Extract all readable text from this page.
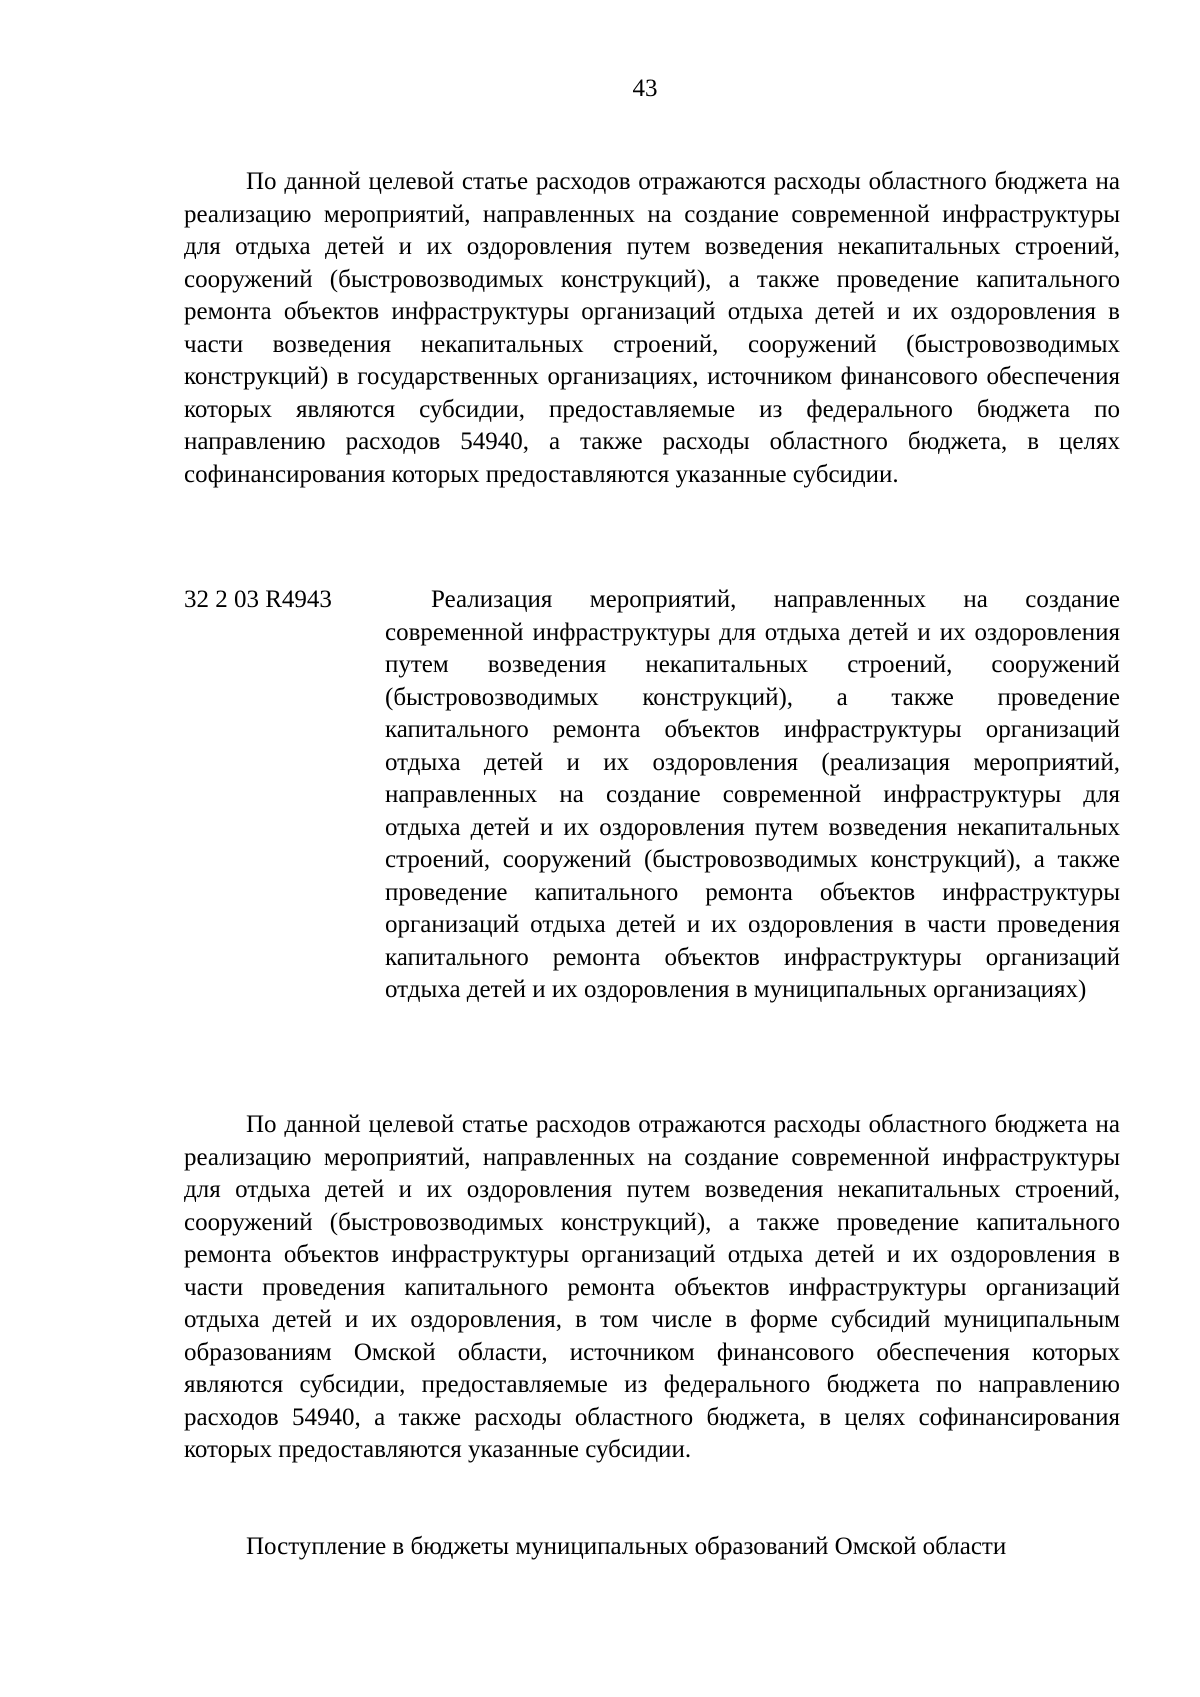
43

По данной целевой статье расходов отражаются расходы областного бюджета на реализацию мероприятий, направленных на создание современной инфраструктуры для отдыха детей и их оздоровления путем возведения некапитальных строений, сооружений (быстровозводимых конструкций), а также проведение капитального ремонта объектов инфраструктуры организаций отдыха детей и их оздоровления в части возведения некапитальных строений, сооружений (быстровозводимых конструкций) в государственных организациях, источником финансового обеспечения которых являются субсидии, предоставляемые из федерального бюджета по направлению расходов 54940, а также расходы областного бюджета, в целях софинансирования которых предоставляются указанные субсидии.

32 2 03 R4943	Реализация мероприятий, направленных на создание современной инфраструктуры для отдыха детей и их оздоровления путем возведения некапитальных строений, сооружений (быстровозводимых конструкций), а также проведение капитального ремонта объектов инфраструктуры организаций отдыха детей и их оздоровления (реализация мероприятий, направленных на создание современной инфраструктуры для отдыха детей и их оздоровления путем возведения некапитальных строений, сооружений (быстровозводимых конструкций), а также проведение капитального ремонта объектов инфраструктуры организаций отдыха детей и их оздоровления в части проведения капитального ремонта объектов инфраструктуры организаций отдыха детей и их оздоровления в муниципальных организациях)

По данной целевой статье расходов отражаются расходы областного бюджета на реализацию мероприятий, направленных на создание современной инфраструктуры для отдыха детей и их оздоровления путем возведения некапитальных строений, сооружений (быстровозводимых конструкций), а также проведение капитального ремонта объектов инфраструктуры организаций отдыха детей и их оздоровления в части проведения капитального ремонта объектов инфраструктуры организаций отдыха детей и их оздоровления, в том числе в форме субсидий муниципальным образованиям Омской области, источником финансового обеспечения которых являются субсидии, предоставляемые из федерального бюджета по направлению расходов 54940, а также расходы областного бюджета, в целях софинансирования которых предоставляются указанные субсидии.

Поступление в бюджеты муниципальных образований Омской области
